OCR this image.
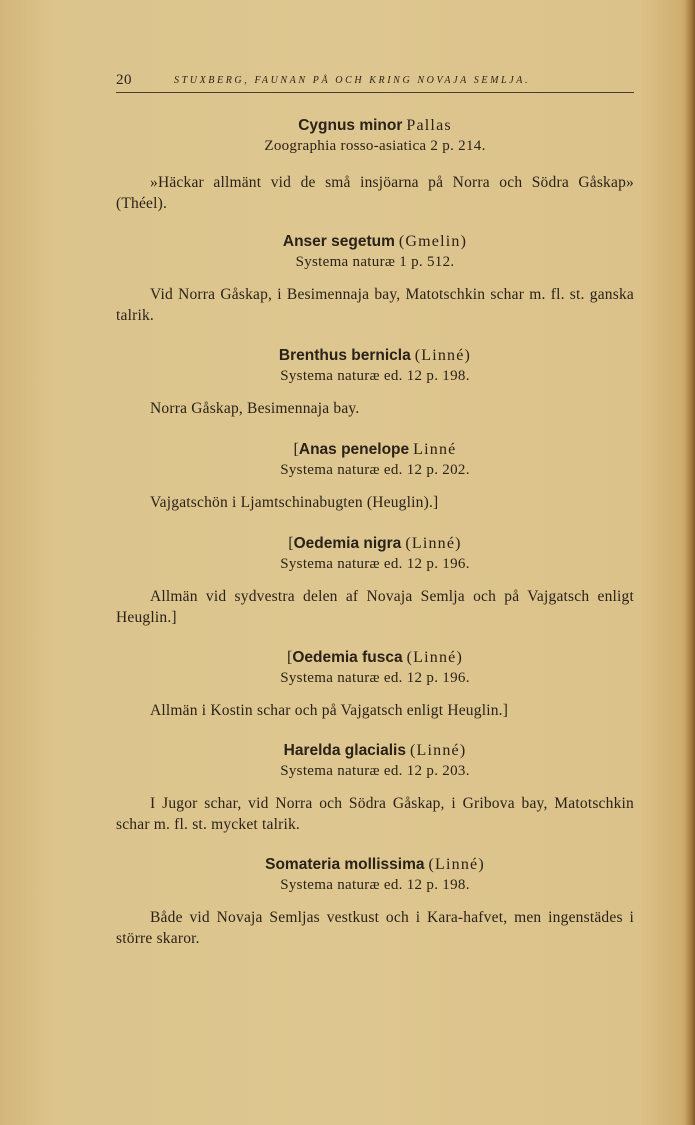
20	STUXBERG, FAUNAN PÅ OCH KRING NOVAJA SEMLJA.

Cygnus minor Pallas

Zoographia rosso-asiatica 2 p. 214.

»Häckar allmänt vid de små insjöarna på Norra och Södra Gåskap» (Théel).

Anser segetum (Gmelin)

Systema naturæ 1 p. 512.

Vid Norra Gåskap, i Besimennaja bay, Matotschkin schar m. fl. st. ganska talrik.

Brenthus bernicla (Linné)

Systema naturæ ed. 12 p. 198.

Norra Gåskap, Besimennaja bay.

[Anas penelope Linné

Systema naturæ ed. 12 p. 202.

Vajgatschön i Ljamtschinabugten (Heuglin).]

[Oedemia nigra (Linné)

Systema naturæ ed. 12 p. 196.

Allmän vid sydvestra delen af Novaja Semlja och på Vajgatsch enligt Heuglin.]

[Oedemia fusca (Linné)

Systema naturæ ed. 12 p. 196.

Allmän i Kostin schar och på Vajgatsch enligt Heuglin.]

Harelda glacialis (Linné)

Systema naturæ ed. 12 p. 203.

I Jugor schar, vid Norra och Södra Gåskap, i Gribova bay, Matotschkin schar m. fl. st. mycket talrik.

Somateria mollissima (Linné)

Systema naturæ ed. 12 p. 198.

Både vid Novaja Semljas vestkust och i Kara-hafvet, men ingenstädes i större skaror.
